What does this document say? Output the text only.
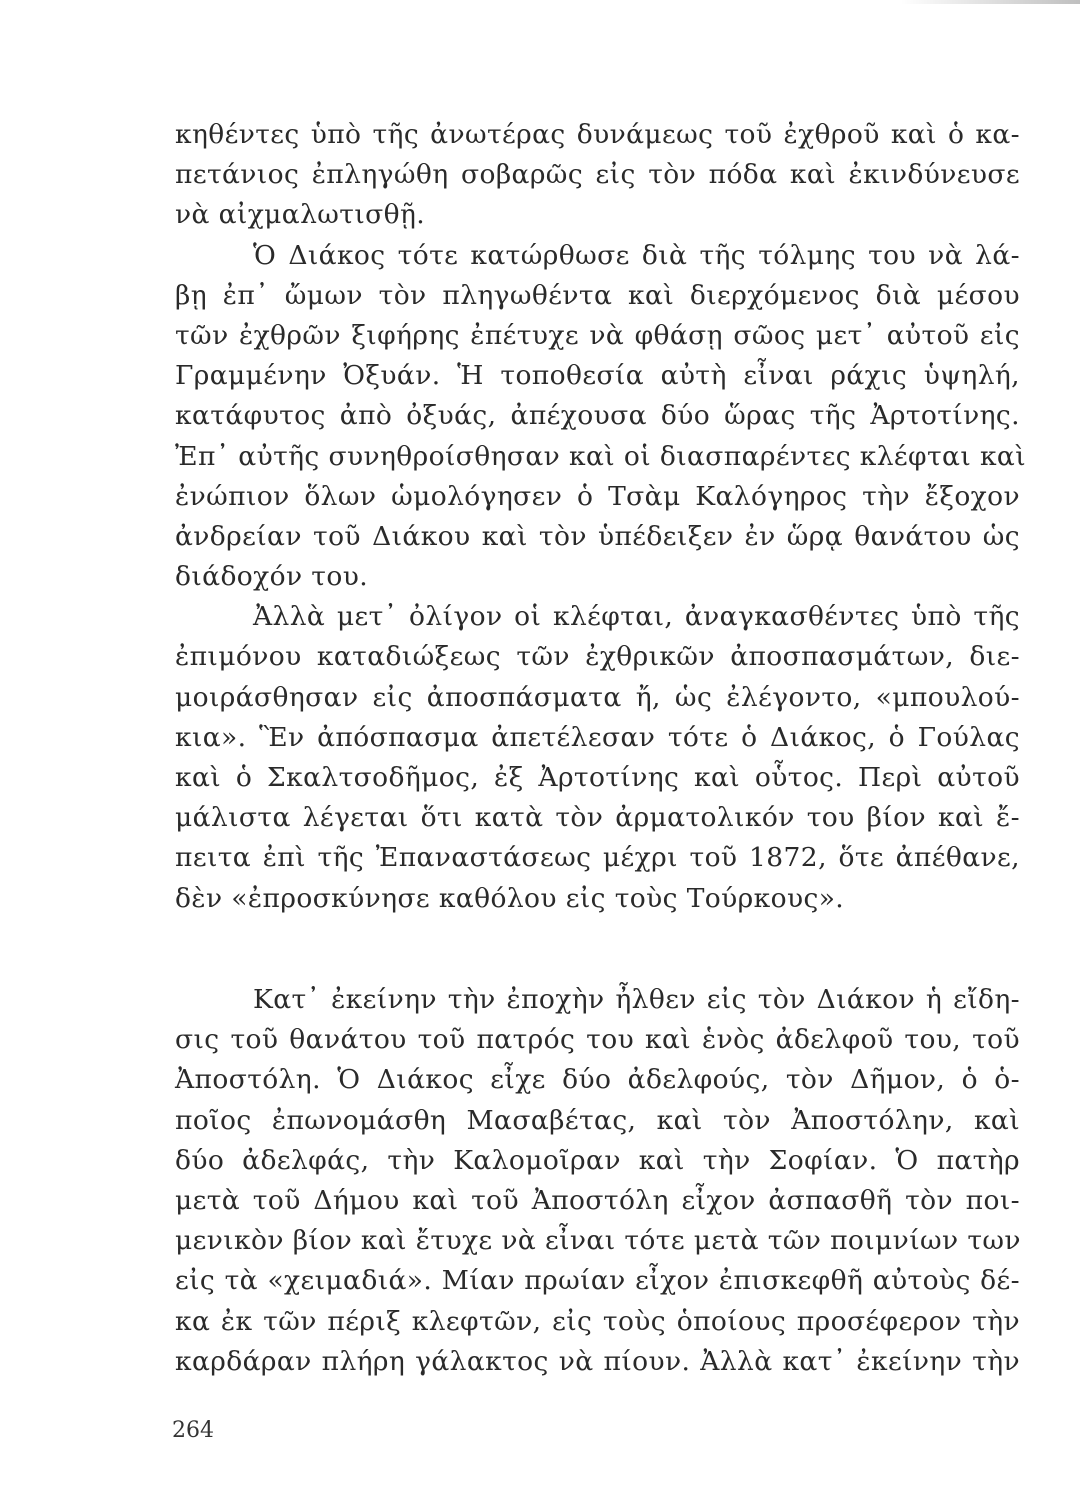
κηθέντες ὑπὸ τῆς ἀνωτέρας δυνάμεως τοῦ ἐχθροῦ καὶ ὁ κα-
πετάνιος ἐπληγώθη σοβαρῶς εἰς τὸν πόδα καὶ ἐκινδύνευσε
νὰ αἰχμαλωτισθῇ.
Ὁ Διάκος τότε κατώρθωσε διὰ τῆς τόλμης του νὰ λά-
βῃ ἐπ᾽ ὤμων τὸν πληγωθέντα καὶ διερχόμενος διὰ μέσου
τῶν ἐχθρῶν ξιφήρης ἐπέτυχε νὰ φθάσῃ σῶος μετ᾽ αὐτοῦ εἰς
Γραμμένην Ὀξυάν. Ἡ τοποθεσία αὐτὴ εἶναι ράχις ὑψηλή,
κατάφυτος ἀπὸ ὀξυάς, ἀπέχουσα δύο ὥρας τῆς Ἀρτοτίνης.
Ἐπ᾽ αὐτῆς συνηθροίσθησαν καὶ οἱ διασπαρέντες κλέφται καὶ
ἐνώπιον ὅλων ὡμολόγησεν ὁ Τσὰμ Καλόγηρος τὴν ἔξοχον
ἀνδρείαν τοῦ Διάκου καὶ τὸν ὑπέδειξεν ἐν ὥρᾳ θανάτου ὡς
διάδοχόν του.
Ἀλλὰ μετ᾽ ὀλίγον οἱ κλέφται, ἀναγκασθέντες ὑπὸ τῆς
ἐπιμόνου καταδιώξεως τῶν ἐχθρικῶν ἀποσπασμάτων, διε-
μοιράσθησαν εἰς ἀποσπάσματα ἤ, ὡς ἐλέγοντο, «μπουλού-
κια». Ἓν ἀπόσπασμα ἀπετέλεσαν τότε ὁ Διάκος, ὁ Γούλας
καὶ ὁ Σκαλτσοδῆμος, ἐξ Ἀρτοτίνης καὶ οὗτος. Περὶ αὐτοῦ
μάλιστα λέγεται ὅτι κατὰ τὸν ἀρματολικόν του βίον καὶ ἔ-
πειτα ἐπὶ τῆς Ἐπαναστάσεως μέχρι τοῦ 1872, ὅτε ἀπέθανε,
δὲν «ἐπροσκύνησε καθόλου εἰς τοὺς Τούρκους».
Κατ᾽ ἐκείνην τὴν ἐποχὴν ἦλθεν εἰς τὸν Διάκον ἡ εἴδη-
σις τοῦ θανάτου τοῦ πατρός του καὶ ἑνὸς ἀδελφοῦ του, τοῦ
Ἀποστόλη. Ὁ Διάκος εἶχε δύο ἀδελφούς, τὸν Δῆμον, ὁ ὁ-
ποῖος ἐπωνομάσθη Μασαβέτας, καὶ τὸν Ἀποστόλην, καὶ
δύο ἀδελφάς, τὴν Καλομοῖραν καὶ τὴν Σοφίαν. Ὁ πατὴρ
μετὰ τοῦ Δήμου καὶ τοῦ Ἀποστόλη εἶχον ἀσπασθῆ τὸν ποι-
μενικὸν βίον καὶ ἔτυχε νὰ εἶναι τότε μετὰ τῶν ποιμνίων των
εἰς τὰ «χειμαδιά». Μίαν πρωίαν εἶχον ἐπισκεφθῆ αὐτοὺς δέ-
κα ἐκ τῶν πέριξ κλεφτῶν, εἰς τοὺς ὁποίους προσέφερον τὴν
καρδάραν πλήρη γάλακτος νὰ πίουν. Ἀλλὰ κατ᾽ ἐκείνην τὴν
264
